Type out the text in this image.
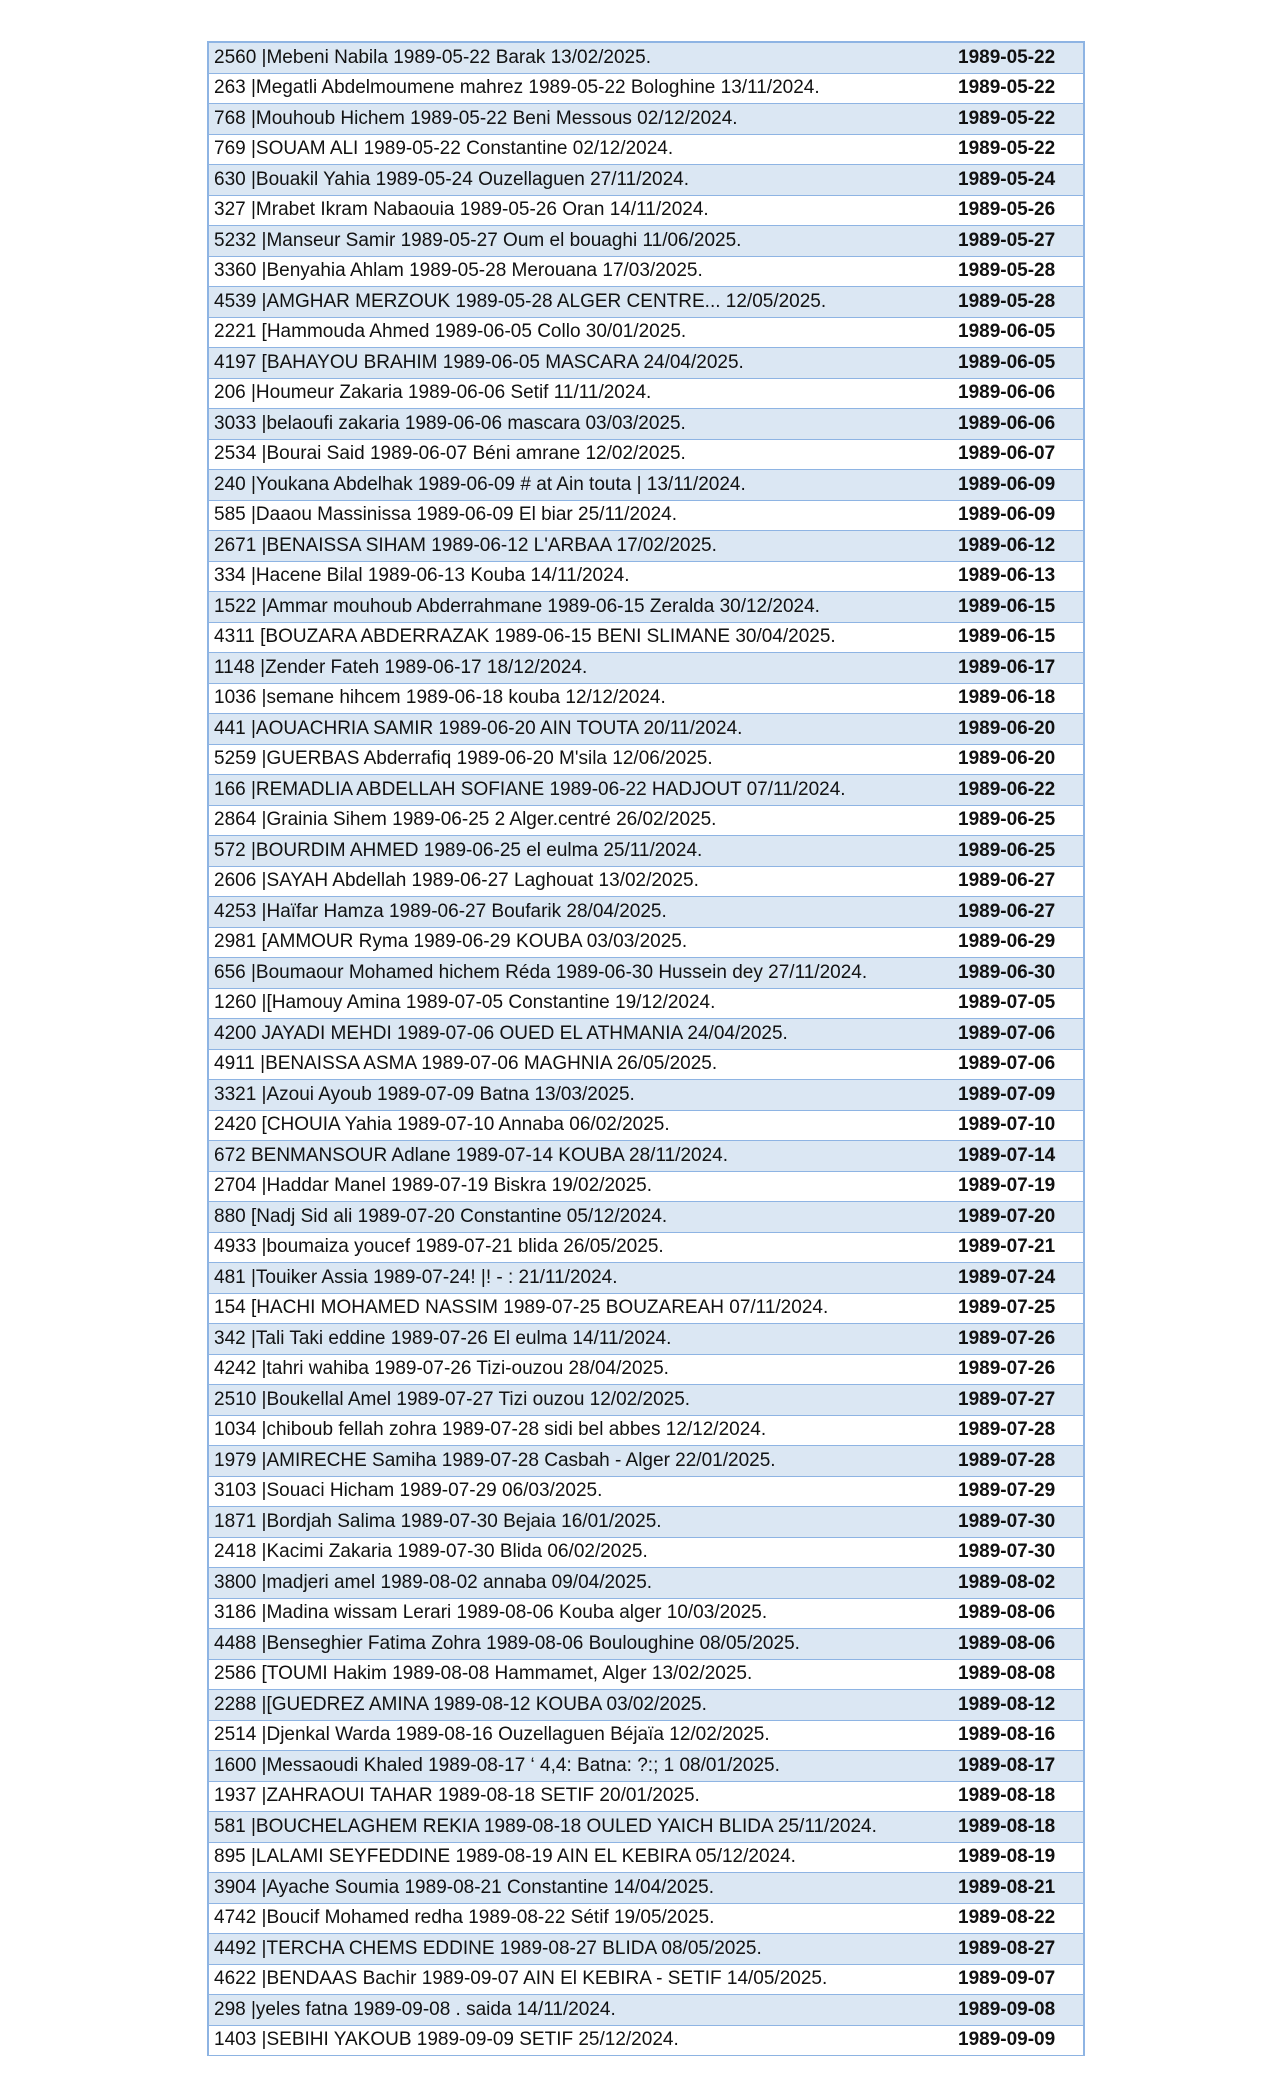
2560 |Mebeni Nabila 1989-05-22 Barak 13/02/2025.	1989-05-22
263 |Megatli Abdelmoumene mahrez 1989-05-22 Bologhine 13/11/2024.	1989-05-22
768 |Mouhoub Hichem 1989-05-22 Beni Messous 02/12/2024.	1989-05-22
769 |SOUAM ALI 1989-05-22 Constantine 02/12/2024.	1989-05-22
630 |Bouakil Yahia 1989-05-24 Ouzellaguen 27/11/2024.	1989-05-24
327 |Mrabet Ikram Nabaouia 1989-05-26 Oran 14/11/2024.	1989-05-26
5232 |Manseur Samir 1989-05-27 Oum el bouaghi 11/06/2025.	1989-05-27
3360 |Benyahia Ahlam 1989-05-28 Merouana 17/03/2025.	1989-05-28
4539 |AMGHAR MERZOUK 1989-05-28 ALGER CENTRE... 12/05/2025.	1989-05-28
2221 [Hammouda Ahmed 1989-06-05 Collo 30/01/2025.	1989-06-05
4197 [BAHAYOU BRAHIM 1989-06-05 MASCARA 24/04/2025.	1989-06-05
206 |Houmeur Zakaria 1989-06-06 Setif 11/11/2024.	1989-06-06
3033 |belaoufi zakaria 1989-06-06 mascara 03/03/2025.	1989-06-06
2534 |Bourai Said 1989-06-07 Béni amrane 12/02/2025.	1989-06-07
240 |Youkana Abdelhak 1989-06-09 # at Ain touta | 13/11/2024.	1989-06-09
585 |Daaou Massinissa 1989-06-09 El biar 25/11/2024.	1989-06-09
2671 |BENAISSA SIHAM 1989-06-12 L'ARBAA 17/02/2025.	1989-06-12
334 |Hacene Bilal 1989-06-13 Kouba 14/11/2024.	1989-06-13
1522 |Ammar mouhoub Abderrahmane 1989-06-15 Zeralda 30/12/2024.	1989-06-15
4311 [BOUZARA ABDERRAZAK 1989-06-15 BENI SLIMANE 30/04/2025.	1989-06-15
1148 |Zender Fateh 1989-06-17 18/12/2024.	1989-06-17
1036 |semane hihcem 1989-06-18 kouba 12/12/2024.	1989-06-18
441 |AOUACHRIA SAMIR 1989-06-20 AIN TOUTA 20/11/2024.	1989-06-20
5259 |GUERBAS Abderrafiq 1989-06-20 M'sila 12/06/2025.	1989-06-20
166 |REMADLIA ABDELLAH SOFIANE 1989-06-22 HADJOUT 07/11/2024.	1989-06-22
2864 |Grainia Sihem 1989-06-25 2 Alger.centré 26/02/2025.	1989-06-25
572 |BOURDIM AHMED 1989-06-25 el eulma 25/11/2024.	1989-06-25
2606 |SAYAH Abdellah 1989-06-27 Laghouat 13/02/2025.	1989-06-27
4253 |Haïfar Hamza 1989-06-27 Boufarik 28/04/2025.	1989-06-27
2981 [AMMOUR Ryma 1989-06-29 KOUBA 03/03/2025.	1989-06-29
656 |Boumaour Mohamed hichem Réda 1989-06-30 Hussein dey 27/11/2024.	1989-06-30
1260 |[Hamouy Amina 1989-07-05 Constantine 19/12/2024.	1989-07-05
4200 JAYADI MEHDI 1989-07-06 OUED EL ATHMANIA 24/04/2025.	1989-07-06
4911 |BENAISSA ASMA 1989-07-06 MAGHNIA 26/05/2025.	1989-07-06
3321 |Azoui Ayoub 1989-07-09 Batna 13/03/2025.	1989-07-09
2420 [CHOUIA Yahia 1989-07-10 Annaba 06/02/2025.	1989-07-10
672 BENMANSOUR Adlane 1989-07-14 KOUBA 28/11/2024.	1989-07-14
2704 |Haddar Manel 1989-07-19 Biskra 19/02/2025.	1989-07-19
880 [Nadj Sid ali 1989-07-20 Constantine 05/12/2024.	1989-07-20
4933 |boumaiza youcef 1989-07-21 blida 26/05/2025.	1989-07-21
481 |Touiker Assia 1989-07-24! |! - : 21/11/2024.	1989-07-24
154 [HACHI MOHAMED NASSIM 1989-07-25 BOUZAREAH 07/11/2024.	1989-07-25
342 |Tali Taki eddine 1989-07-26 El eulma 14/11/2024.	1989-07-26
4242 |tahri wahiba 1989-07-26 Tizi-ouzou 28/04/2025.	1989-07-26
2510 |Boukellal Amel 1989-07-27 Tizi ouzou 12/02/2025.	1989-07-27
1034 |chiboub fellah zohra 1989-07-28 sidi bel abbes 12/12/2024.	1989-07-28
1979 |AMIRECHE Samiha 1989-07-28 Casbah - Alger 22/01/2025.	1989-07-28
3103 |Souaci Hicham 1989-07-29 06/03/2025.	1989-07-29
1871 |Bordjah Salima 1989-07-30 Bejaia 16/01/2025.	1989-07-30
2418 |Kacimi Zakaria 1989-07-30 Blida 06/02/2025.	1989-07-30
3800 |madjeri amel 1989-08-02 annaba 09/04/2025.	1989-08-02
3186 |Madina wissam Lerari 1989-08-06 Kouba alger 10/03/2025.	1989-08-06
4488 |Benseghier Fatima Zohra 1989-08-06 Bouloughine 08/05/2025.	1989-08-06
2586 [TOUMI Hakim 1989-08-08 Hammamet, Alger 13/02/2025.	1989-08-08
2288 |[GUEDREZ AMINA 1989-08-12 KOUBA 03/02/2025.	1989-08-12
2514 |Djenkal Warda 1989-08-16 Ouzellaguen Béjaïa 12/02/2025.	1989-08-16
1600 |Messaoudi Khaled 1989-08-17 ‘ 4,4: Batna: ?:; 1 08/01/2025.	1989-08-17
1937 |ZAHRAOUI TAHAR 1989-08-18 SETIF 20/01/2025.	1989-08-18
581 |BOUCHELAGHEM REKIA 1989-08-18 OULED YAICH BLIDA 25/11/2024.	1989-08-18
895 |LALAMI SEYFEDDINE 1989-08-19 AIN EL KEBIRA 05/12/2024.	1989-08-19
3904 |Ayache Soumia 1989-08-21 Constantine 14/04/2025.	1989-08-21
4742 |Boucif Mohamed redha 1989-08-22 Sétif 19/05/2025.	1989-08-22
4492 |TERCHA CHEMS EDDINE 1989-08-27 BLIDA 08/05/2025.	1989-08-27
4622 |BENDAAS Bachir 1989-09-07 AIN El KEBIRA - SETIF 14/05/2025.	1989-09-07
298 |yeles fatna 1989-09-08 . saida 14/11/2024.	1989-09-08
1403 |SEBIHI YAKOUB 1989-09-09 SETIF 25/12/2024.	1989-09-09
